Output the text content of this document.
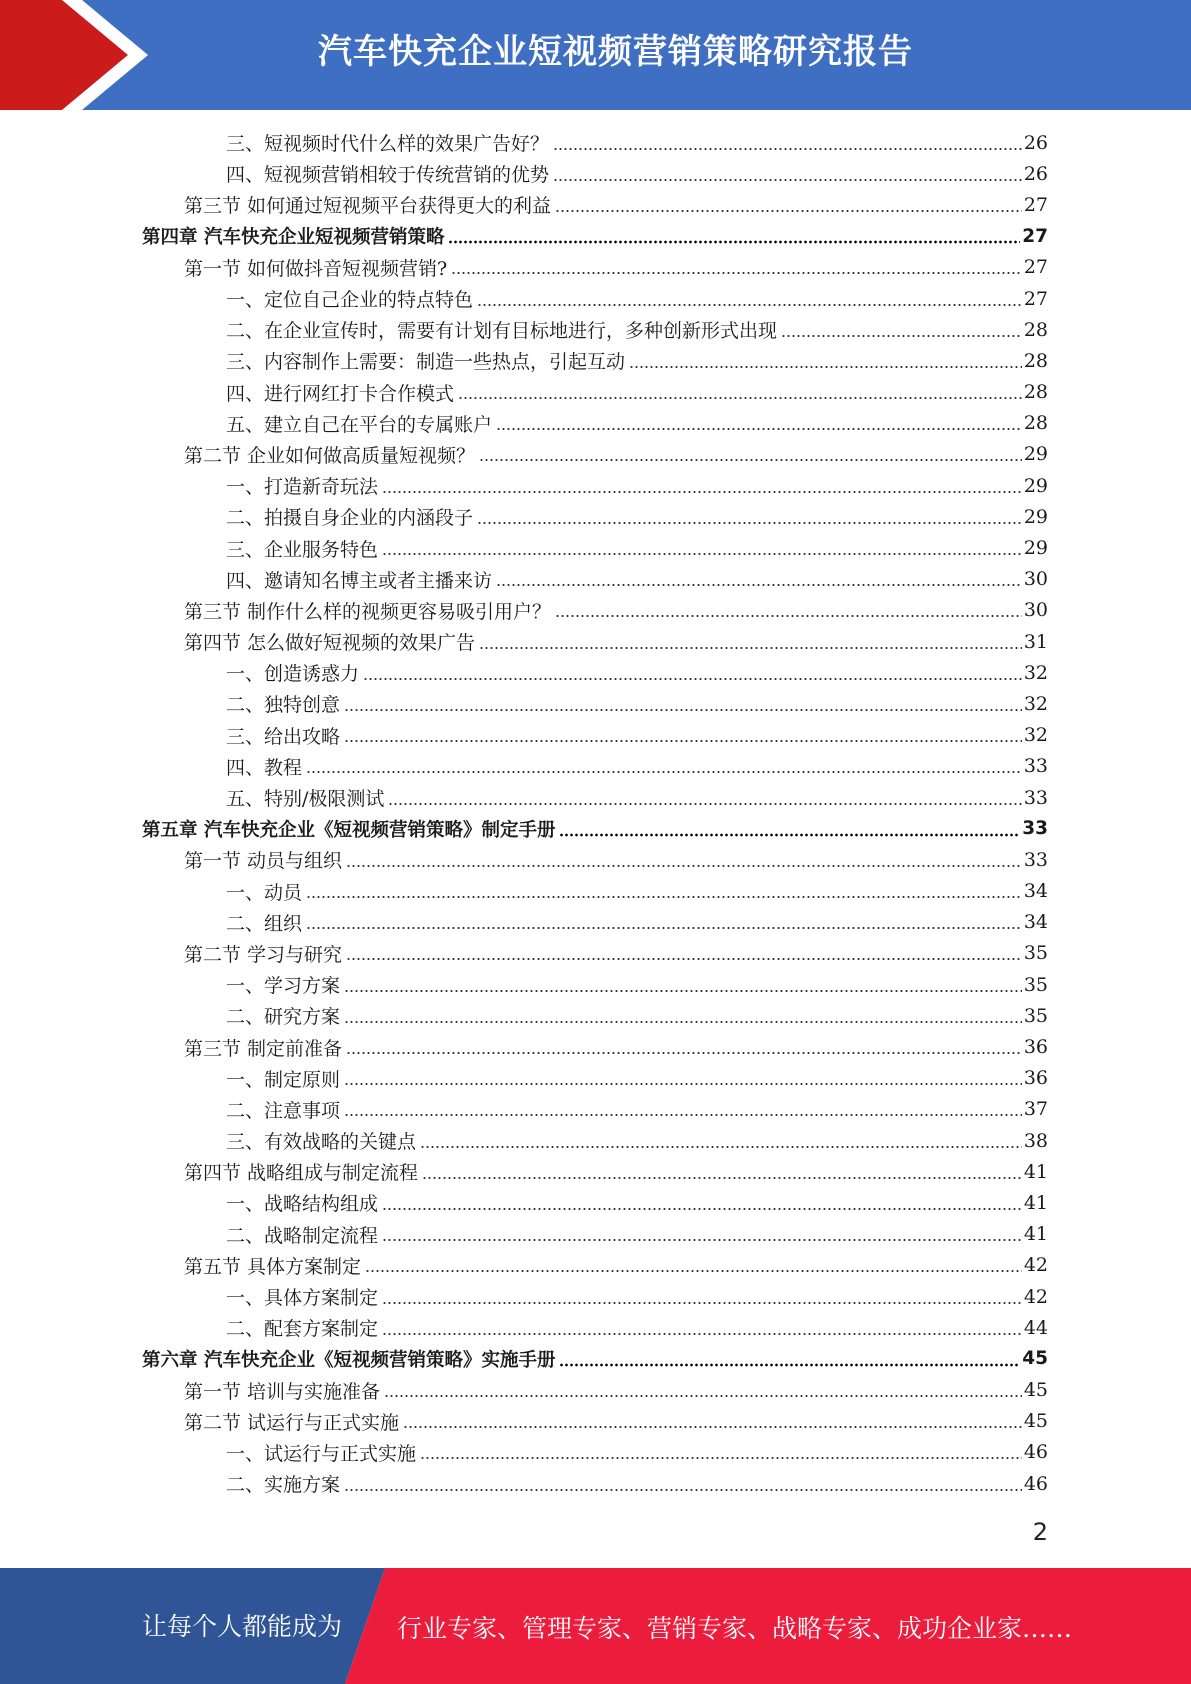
汽车快充企业短视频营销策略研究报告
三、短视频时代什么样的效果广告好？	26
四、短视频营销相较于传统营销的优势	26
第三节 如何通过短视频平台获得更大的利益	27
第四章 汽车快充企业短视频营销策略	27
第一节 如何做抖音短视频营销?	27
一、定位自己企业的特点特色	27
二、在企业宣传时，需要有计划有目标地进行，多种创新形式出现	28
三、内容制作上需要：制造一些热点，引起互动	28
四、进行网红打卡合作模式	28
五、建立自己在平台的专属账户	28
第二节 企业如何做高质量短视频？	29
一、打造新奇玩法	29
二、拍摄自身企业的内涵段子	29
三、企业服务特色	29
四、邀请知名博主或者主播来访	30
第三节 制作什么样的视频更容易吸引用户？	30
第四节 怎么做好短视频的效果广告	31
一、创造诱惑力	32
二、独特创意	32
三、给出攻略	32
四、教程	33
五、特别/极限测试	33
第五章 汽车快充企业《短视频营销策略》制定手册	33
第一节 动员与组织	33
一、动员	34
二、组织	34
第二节 学习与研究	35
一、学习方案	35
二、研究方案	35
第三节 制定前准备	36
一、制定原则	36
二、注意事项	37
三、有效战略的关键点	38
第四节 战略组成与制定流程	41
一、战略结构组成	41
二、战略制定流程	41
第五节 具体方案制定	42
一、具体方案制定	42
二、配套方案制定	44
第六章 汽车快充企业《短视频营销策略》实施手册	45
第一节 培训与实施准备	45
第二节 试运行与正式实施	45
一、试运行与正式实施	46
二、实施方案	46
2
让每个人都能成为 行业专家、管理专家、营销专家、战略专家、成功企业家……
